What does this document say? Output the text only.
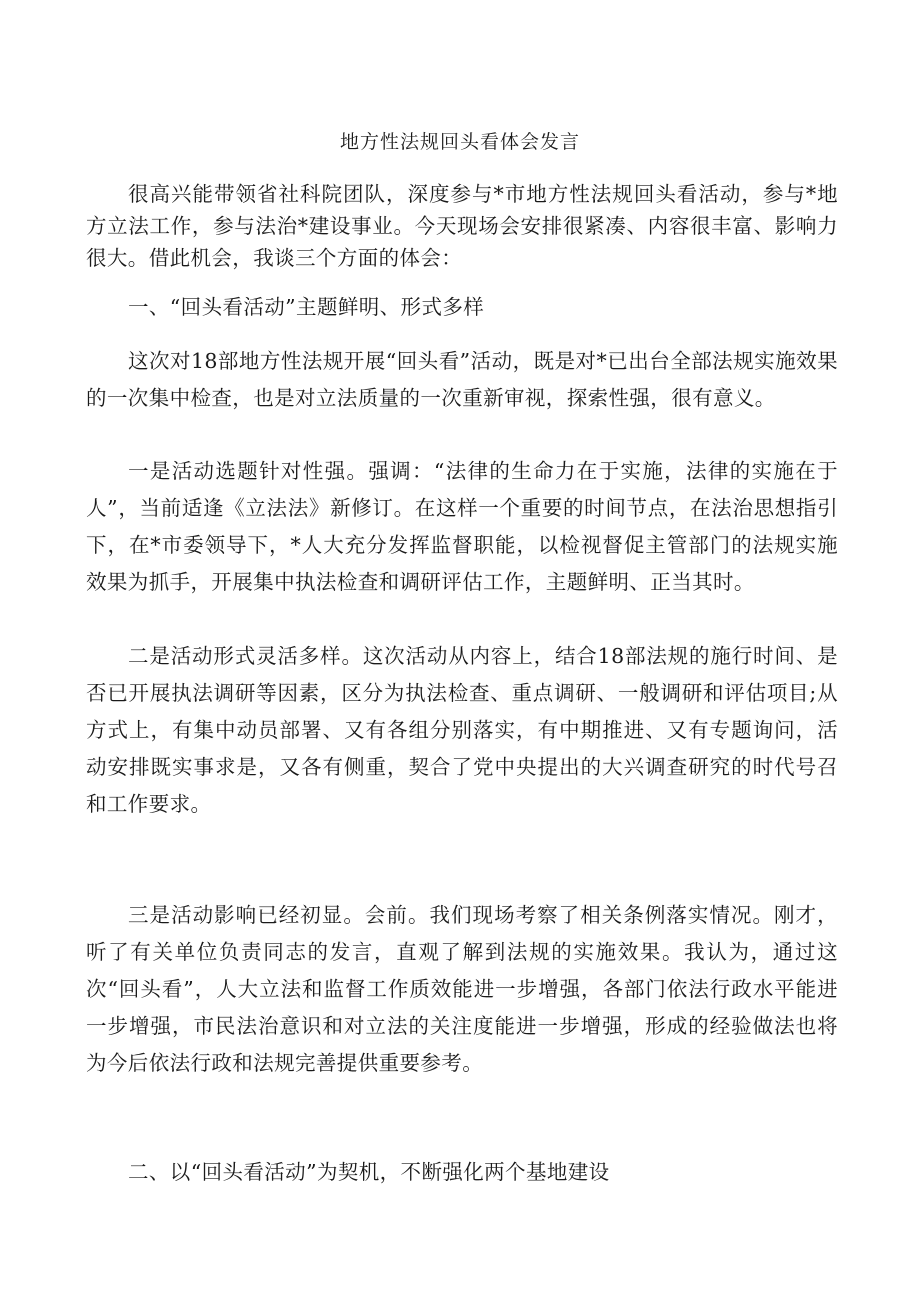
地方性法规回头看体会发言

很高兴能带领省社科院团队，深度参与*市地方性法规回头看活动，参与*地方立法工作，参与法治*建设事业。今天现场会安排很紧凑、内容很丰富、影响力很大。借此机会，我谈三个方面的体会：

一、“回头看活动”主题鲜明、形式多样

这次对18部地方性法规开展“回头看”活动，既是对*已出台全部法规实施效果的一次集中检查，也是对立法质量的一次重新审视，探索性强，很有意义。

一是活动选题针对性强。强调：“法律的生命力在于实施，法律的实施在于人”，当前适逢《立法法》新修订。在这样一个重要的时间节点，在法治思想指引下，在*市委领导下，*人大充分发挥监督职能，以检视督促主管部门的法规实施效果为抓手，开展集中执法检查和调研评估工作，主题鲜明、正当其时。

二是活动形式灵活多样。这次活动从内容上，结合18部法规的施行时间、是否已开展执法调研等因素，区分为执法检查、重点调研、一般调研和评估项目;从方式上，有集中动员部署、又有各组分别落实，有中期推进、又有专题询问，活动安排既实事求是，又各有侧重，契合了党中央提出的大兴调查研究的时代号召和工作要求。

三是活动影响已经初显。会前。我们现场考察了相关条例落实情况。刚才，听了有关单位负责同志的发言，直观了解到法规的实施效果。我认为，通过这次“回头看”，人大立法和监督工作质效能进一步增强，各部门依法行政水平能进一步增强，市民法治意识和对立法的关注度能进一步增强，形成的经验做法也将为今后依法行政和法规完善提供重要参考。

二、以“回头看活动”为契机，不断强化两个基地建设
